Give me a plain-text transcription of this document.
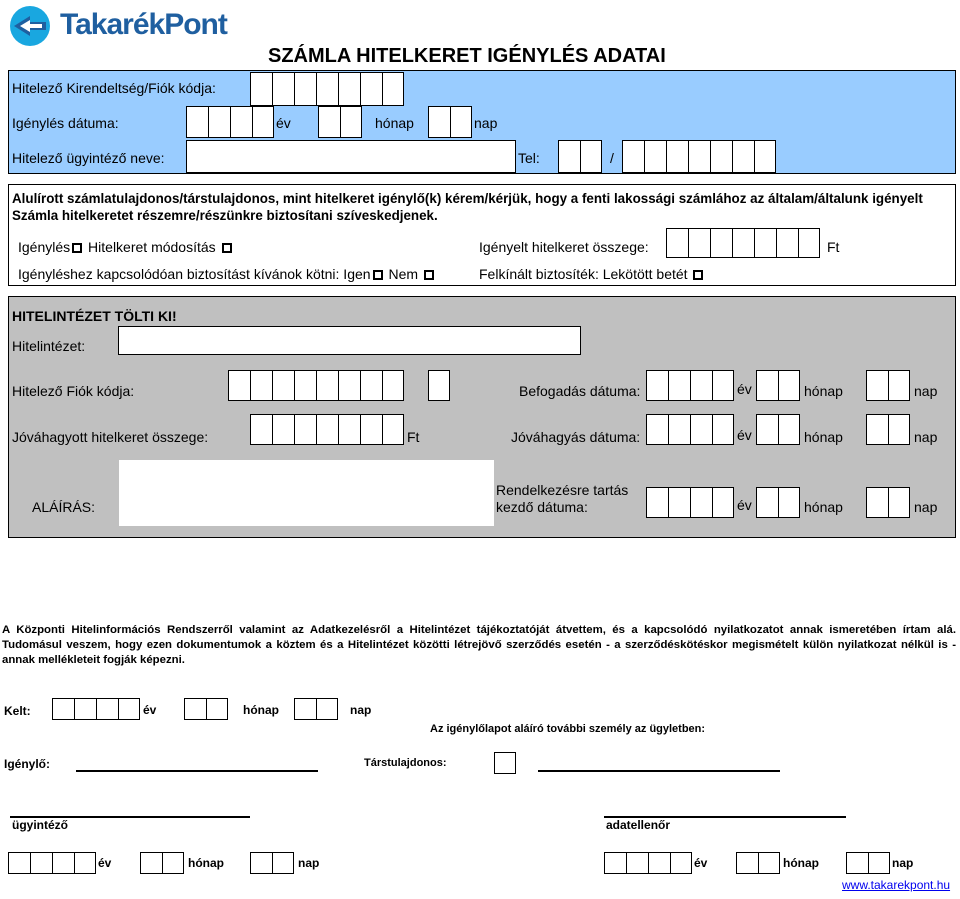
TakarékPont
SZÁMLA HITELKERET IGÉNYLÉS ADATAI
Hitelező Kirendeltség/Fiók kódja:
Igénylés dátuma:	év	hónap	nap
Hitelező ügyintéző neve:	Tel:	/
Alulírott számlatulajdonos/társtulajdonos, mint hitelkeret igénylő(k) kérem/kérjük, hogy a fenti lakossági számlához az általam/általunk igényelt Számla hitelkeretet részemre/részünkre biztosítani szíveskedjenek.
Igénylés Hitelkeret módosítás	Igényelt hitelkeret összege:	Ft
Igényléshez kapcsolódóan biztosítást kívánok kötni: Igen Nem	Felkínált biztosíték: Lekötött betét
HITELINTÉZET TÖLTI KI!
Hitelintézet:
Hitelező Fiók kódja:	Befogadás dátuma:	év	hónap	nap
Jóváhagyott hitelkeret összege:	Ft	Jóváhagyás dátuma:	év	hónap	nap
ALÁÍRÁS:
Rendelkezésre tartás
kezdő dátuma:	év	hónap	nap
A Központi Hitelinformációs Rendszerről valamint az Adatkezelésről a Hitelintézet tájékoztatóját átvettem, és a kapcsolódó nyilatkozatot annak ismeretében írtam alá. Tudomásul veszem, hogy ezen dokumentumok a köztem és a Hitelintézet közötti létrejövő szerződés esetén - a szerződéskötéskor megismételt külön nyilatkozat nélkül is - annak mellékleteit fogják képezni.
Kelt:	év	hónap	nap
Az igénylőlapot aláíró további személy az ügyletben:
Igénylő:	Társtulajdonos:
ügyintéző	adatellenőr
év	hónap	nap	év	hónap	nap
www.takarekpont.hu
